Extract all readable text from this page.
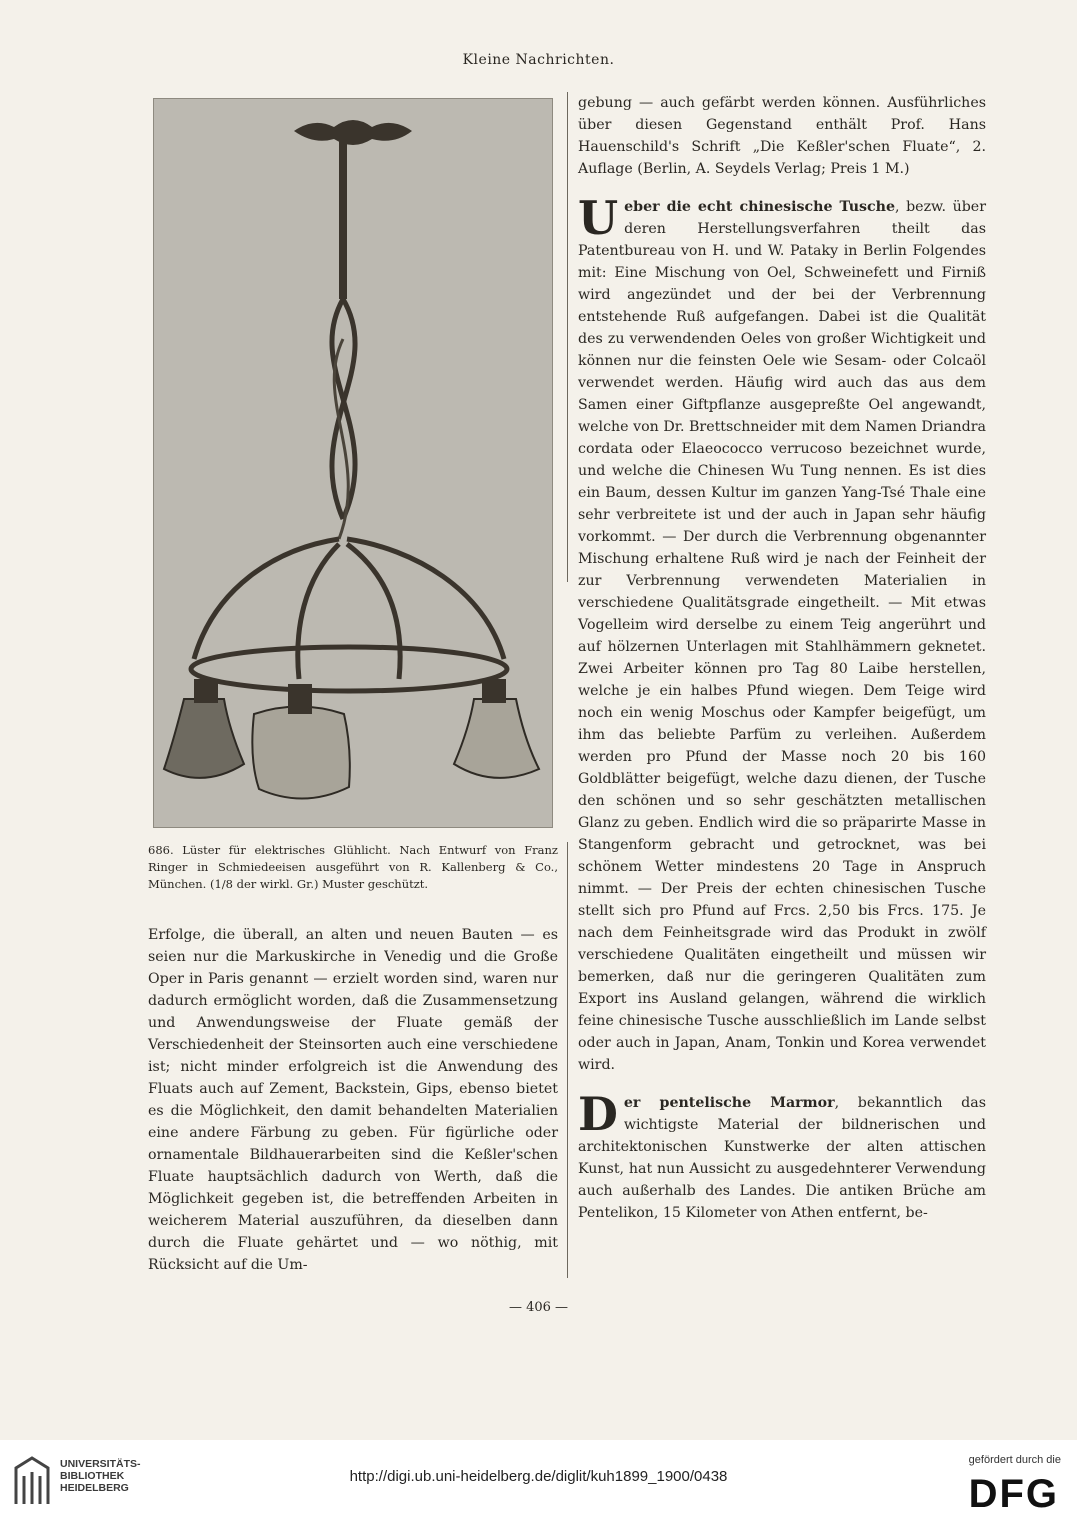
Kleine Nachrichten.
686. Lüster für elektrisches Glühlicht. Nach Entwurf von Franz Ringer in Schmiedeeisen ausgeführt von R. Kallenberg & Co., München. (1/8 der wirkl. Gr.) Muster geschützt.

Erfolge, die überall, an alten und neuen Bauten — es seien nur die Markuskirche in Venedig und die Große Oper in Paris genannt — erzielt worden sind, waren nur dadurch ermöglicht worden, daß die Zusammensetzung und Anwendungsweise der Fluate gemäß der Verschiedenheit der Steinsorten auch eine verschiedene ist; nicht minder erfolgreich ist die Anwendung des Fluats auch auf Zement, Backstein, Gips, ebenso bietet es die Möglichkeit, den damit behandelten Materialien eine andere Färbung zu geben. Für figürliche oder ornamentale Bildhauerarbeiten sind die Keßler'schen Fluate hauptsächlich dadurch von Werth, daß die Möglichkeit gegeben ist, die betreffenden Arbeiten in weicherem Material auszuführen, da dieselben dann durch die Fluate gehärtet und — wo nöthig, mit Rücksicht auf die Um-

gebung — auch gefärbt werden können. Ausführliches über diesen Gegenstand enthält Prof. Hans Hauenschild's Schrift „Die Keßler'schen Fluate“, 2. Auflage (Berlin, A. Seydels Verlag; Preis 1 M.)

Ueber die echt chinesische Tusche, bezw. über deren Herstellungsverfahren theilt das Patentbureau von H. und W. Pataky in Berlin Folgendes mit: Eine Mischung von Oel, Schweinefett und Firniß wird angezündet und der bei der Verbrennung entstehende Ruß aufgefangen. Dabei ist die Qualität des zu verwendenden Oeles von großer Wichtigkeit und können nur die feinsten Oele wie Sesam- oder Colcaöl verwendet werden. Häufig wird auch das aus dem Samen einer Giftpflanze ausgepreßte Oel angewandt, welche von Dr. Brettschneider mit dem Namen Driandra cordata oder Elaeococco verrucoso bezeichnet wurde, und welche die Chinesen Wu Tung nennen. Es ist dies ein Baum, dessen Kultur im ganzen Yang-Tsé Thale eine sehr verbreitete ist und der auch in Japan sehr häufig vorkommt. — Der durch die Verbrennung obgenannter Mischung erhaltene Ruß wird je nach der Feinheit der zur Verbrennung verwendeten Materialien in verschiedene Qualitätsgrade eingetheilt. — Mit etwas Vogelleim wird derselbe zu einem Teig angerührt und auf hölzernen Unterlagen mit Stahlhämmern geknetet. Zwei Arbeiter können pro Tag 80 Laibe herstellen, welche je ein halbes Pfund wiegen. Dem Teige wird noch ein wenig Moschus oder Kampfer beigefügt, um ihm das beliebte Parfüm zu verleihen. Außerdem werden pro Pfund der Masse noch 20 bis 160 Goldblätter beigefügt, welche dazu dienen, der Tusche den schönen und so sehr geschätzten metallischen Glanz zu geben. Endlich wird die so präparirte Masse in Stangenform gebracht und getrocknet, was bei schönem Wetter mindestens 20 Tage in Anspruch nimmt. — Der Preis der echten chinesischen Tusche stellt sich pro Pfund auf Frcs. 2,50 bis Frcs. 175. Je nach dem Feinheitsgrade wird das Produkt in zwölf verschiedene Qualitäten eingetheilt und müssen wir bemerken, daß nur die geringeren Qualitäten zum Export ins Ausland gelangen, während die wirklich feine chinesische Tusche ausschließlich im Lande selbst oder auch in Japan, Anam, Tonkin und Korea verwendet wird.

Der pentelische Marmor, bekanntlich das wichtigste Material der bildnerischen und architektonischen Kunstwerke der alten attischen Kunst, hat nun Aussicht zu ausgedehnterer Verwendung auch außerhalb des Landes. Die antiken Brüche am Pentelikon, 15 Kilometer von Athen entfernt, be-

— 406 —
UNIVERSITÄTS-
BIBLIOTHEK
HEIDELBERG
http://digi.ub.uni-heidelberg.de/diglit/kuh1899_1900/0438
gefördert durch die
DFG
